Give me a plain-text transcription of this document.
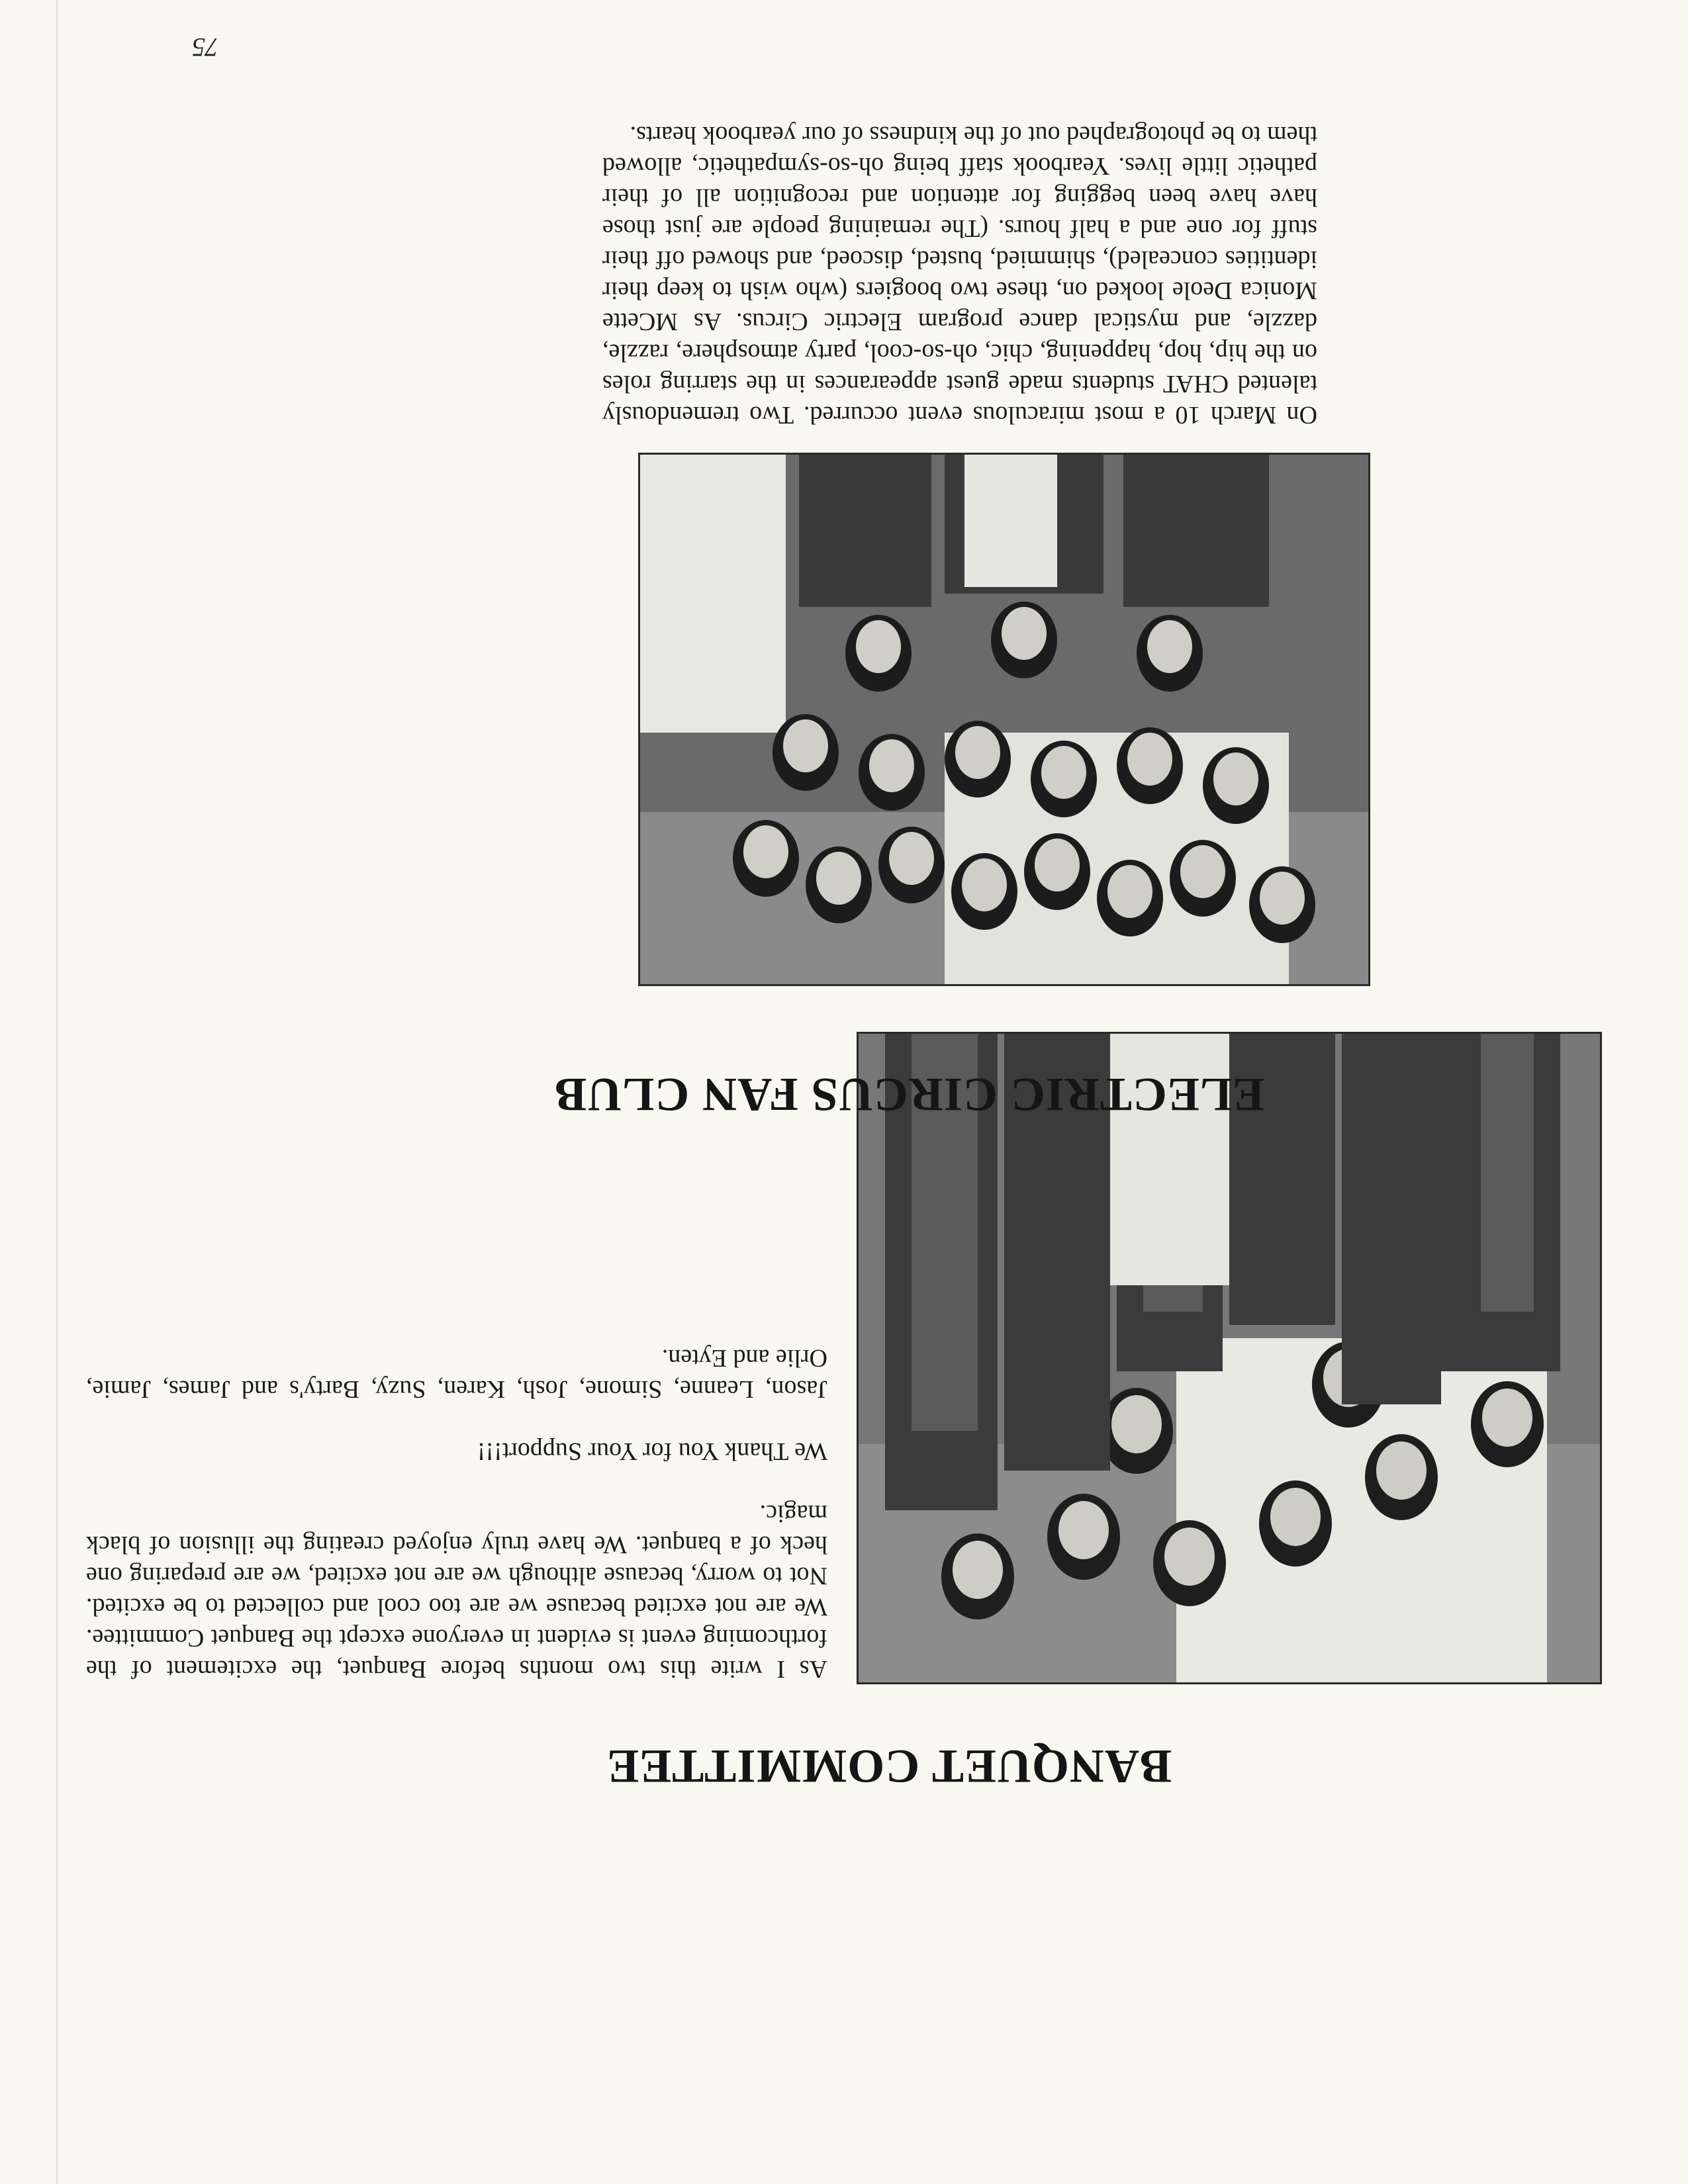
75
BANQUET COMMITTEE

As I write this two months before Banquet, the excitement of the forthcoming event is evident in everyone except the Banquet Committee. We are not excited because we are too cool and collected to be excited. Not to worry, because although we are not excited, we are preparing one heck of a banquet. We have truly enjoyed creating the illusion of black magic.

We Thank You for Your Support!!!

Jason, Leanne, Simone, Josh, Karen, Suzy, Barty's and James, Jamie, Orlie and Eyten.

ELECTRIC CIRCUS FAN CLUB

On March 10 a most miraculous event occurred. Two tremendously talented CHAT students made guest appearances in the starring roles on the hip, hop, happening, chic, oh-so-cool, party atmosphere, razzle, dazzle, and mystical dance program Electric Circus. As MCette Monica Deole looked on, these two boogiers (who wish to keep their identities concealed), shimmied, busted, discoed, and showed off their stuff for one and a half hours. (The remaining people are just those have have been begging for attention and recognition all of their pathetic little lives. Yearbook staff being oh-so-sympathetic, allowed them to be photographed out of the kindness of our yearbook hearts.
